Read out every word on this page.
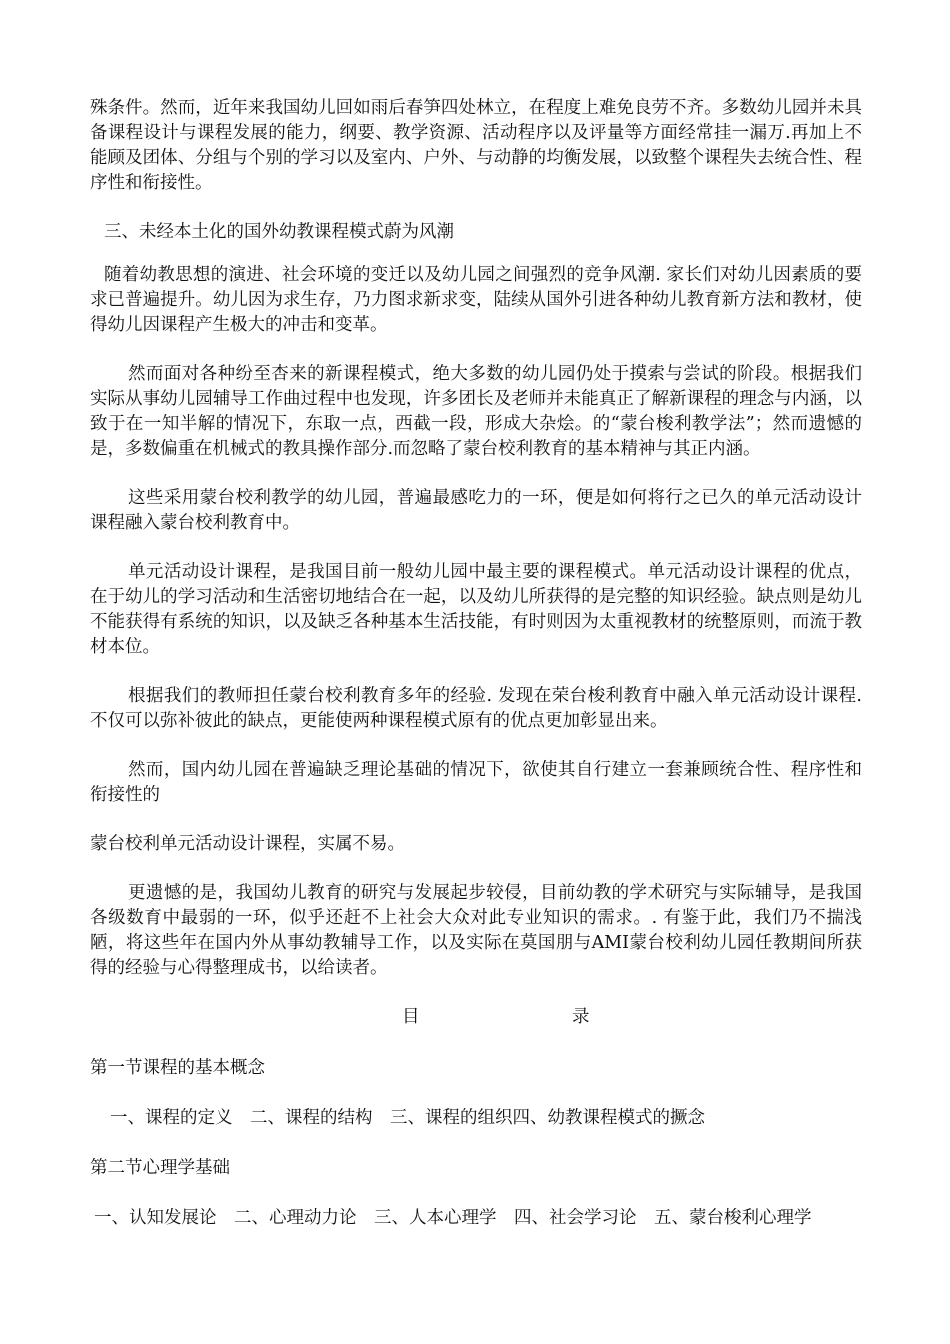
殊条件。然而，近年来我国幼儿回如雨后春笋四处林立，在程度上难免良劳不齐。多数幼儿园并未具备课程设计与课程发展的能力，纲要、教学资源、活动程序以及评量等方面经常挂一漏万.再加上不能顾及团体、分组与个别的学习以及室内、户外、与动静的均衡发展，以致整个课程失去统合性、程序性和衔接性。

三、未经本土化的国外幼教课程模式蔚为风潮

随着幼教思想的演进、社会环境的变迁以及幼儿园之间强烈的竞争风潮. 家长们对幼儿因素质的要求已普遍提升。幼儿因为求生存，乃力图求新求变，陆续从国外引进各种幼儿教育新方法和教材，使得幼儿因课程产生极大的冲击和变革。

然而面对各种纷至杏来的新课程模式，绝大多数的幼儿园仍处于摸索与尝试的阶段。根据我们实际从事幼儿园辅导工作曲过程中也发现，许多团长及老师并未能真正了解新课程的理念与内涵，以致于在一知半解的情况下，东取一点，西截一段，形成大杂烩。的“蒙台梭利教学法”；然而遗憾的是，多数偏重在机械式的教具操作部分.而忽略了蒙台校利教育的基本精神与其正内涵。

这些采用蒙台校利教学的幼儿园，普遍最感吃力的一环，便是如何将行之已久的单元活动设计课程融入蒙台校利教育中。

单元活动设计课程，是我国目前一般幼儿园中最主要的课程模式。单元活动设计课程的优点，在于幼儿的学习活动和生活密切地结合在一起，以及幼儿所获得的是完整的知识经验。缺点则是幼儿不能获得有系统的知识，以及缺乏各种基本生活技能，有时则因为太重视教材的统整原则，而流于教材本位。

根据我们的教师担任蒙台校利教育多年的经验. 发现在荣台梭利教育中融入单元活动设计课程. 不仅可以弥补彼此的缺点，更能使两种课程模式原有的优点更加彰显出来。

然而，国内幼儿园在普遍缺乏理论基础的情况下，欲使其自行建立一套兼顾统合性、程序性和衔接性的

蒙台校利单元活动设计课程，实属不易。

更遗憾的是，我国幼儿教育的研究与发展起步较侵，目前幼教的学术研究与实际辅导，是我国各级数育中最弱的一环，似乎还赶不上社会大众对此专业知识的需求。. 有鉴于此，我们乃不揣浅陋，将这些年在国内外从事幼教辅导工作，以及实际在莫国朋与AMI蒙台校利幼儿园任教期间所获得的经验与心得整理成书，以给读者。

目	录
第一节课程的基本概念
一、课程的定义　二、课程的结构　三、课程的组织四、幼教课程模式的撅念
第二节心理学基础
一、认知发展论　二、心理动力论　三、人本心理学　四、社会学习论　五、蒙台梭利心理学
